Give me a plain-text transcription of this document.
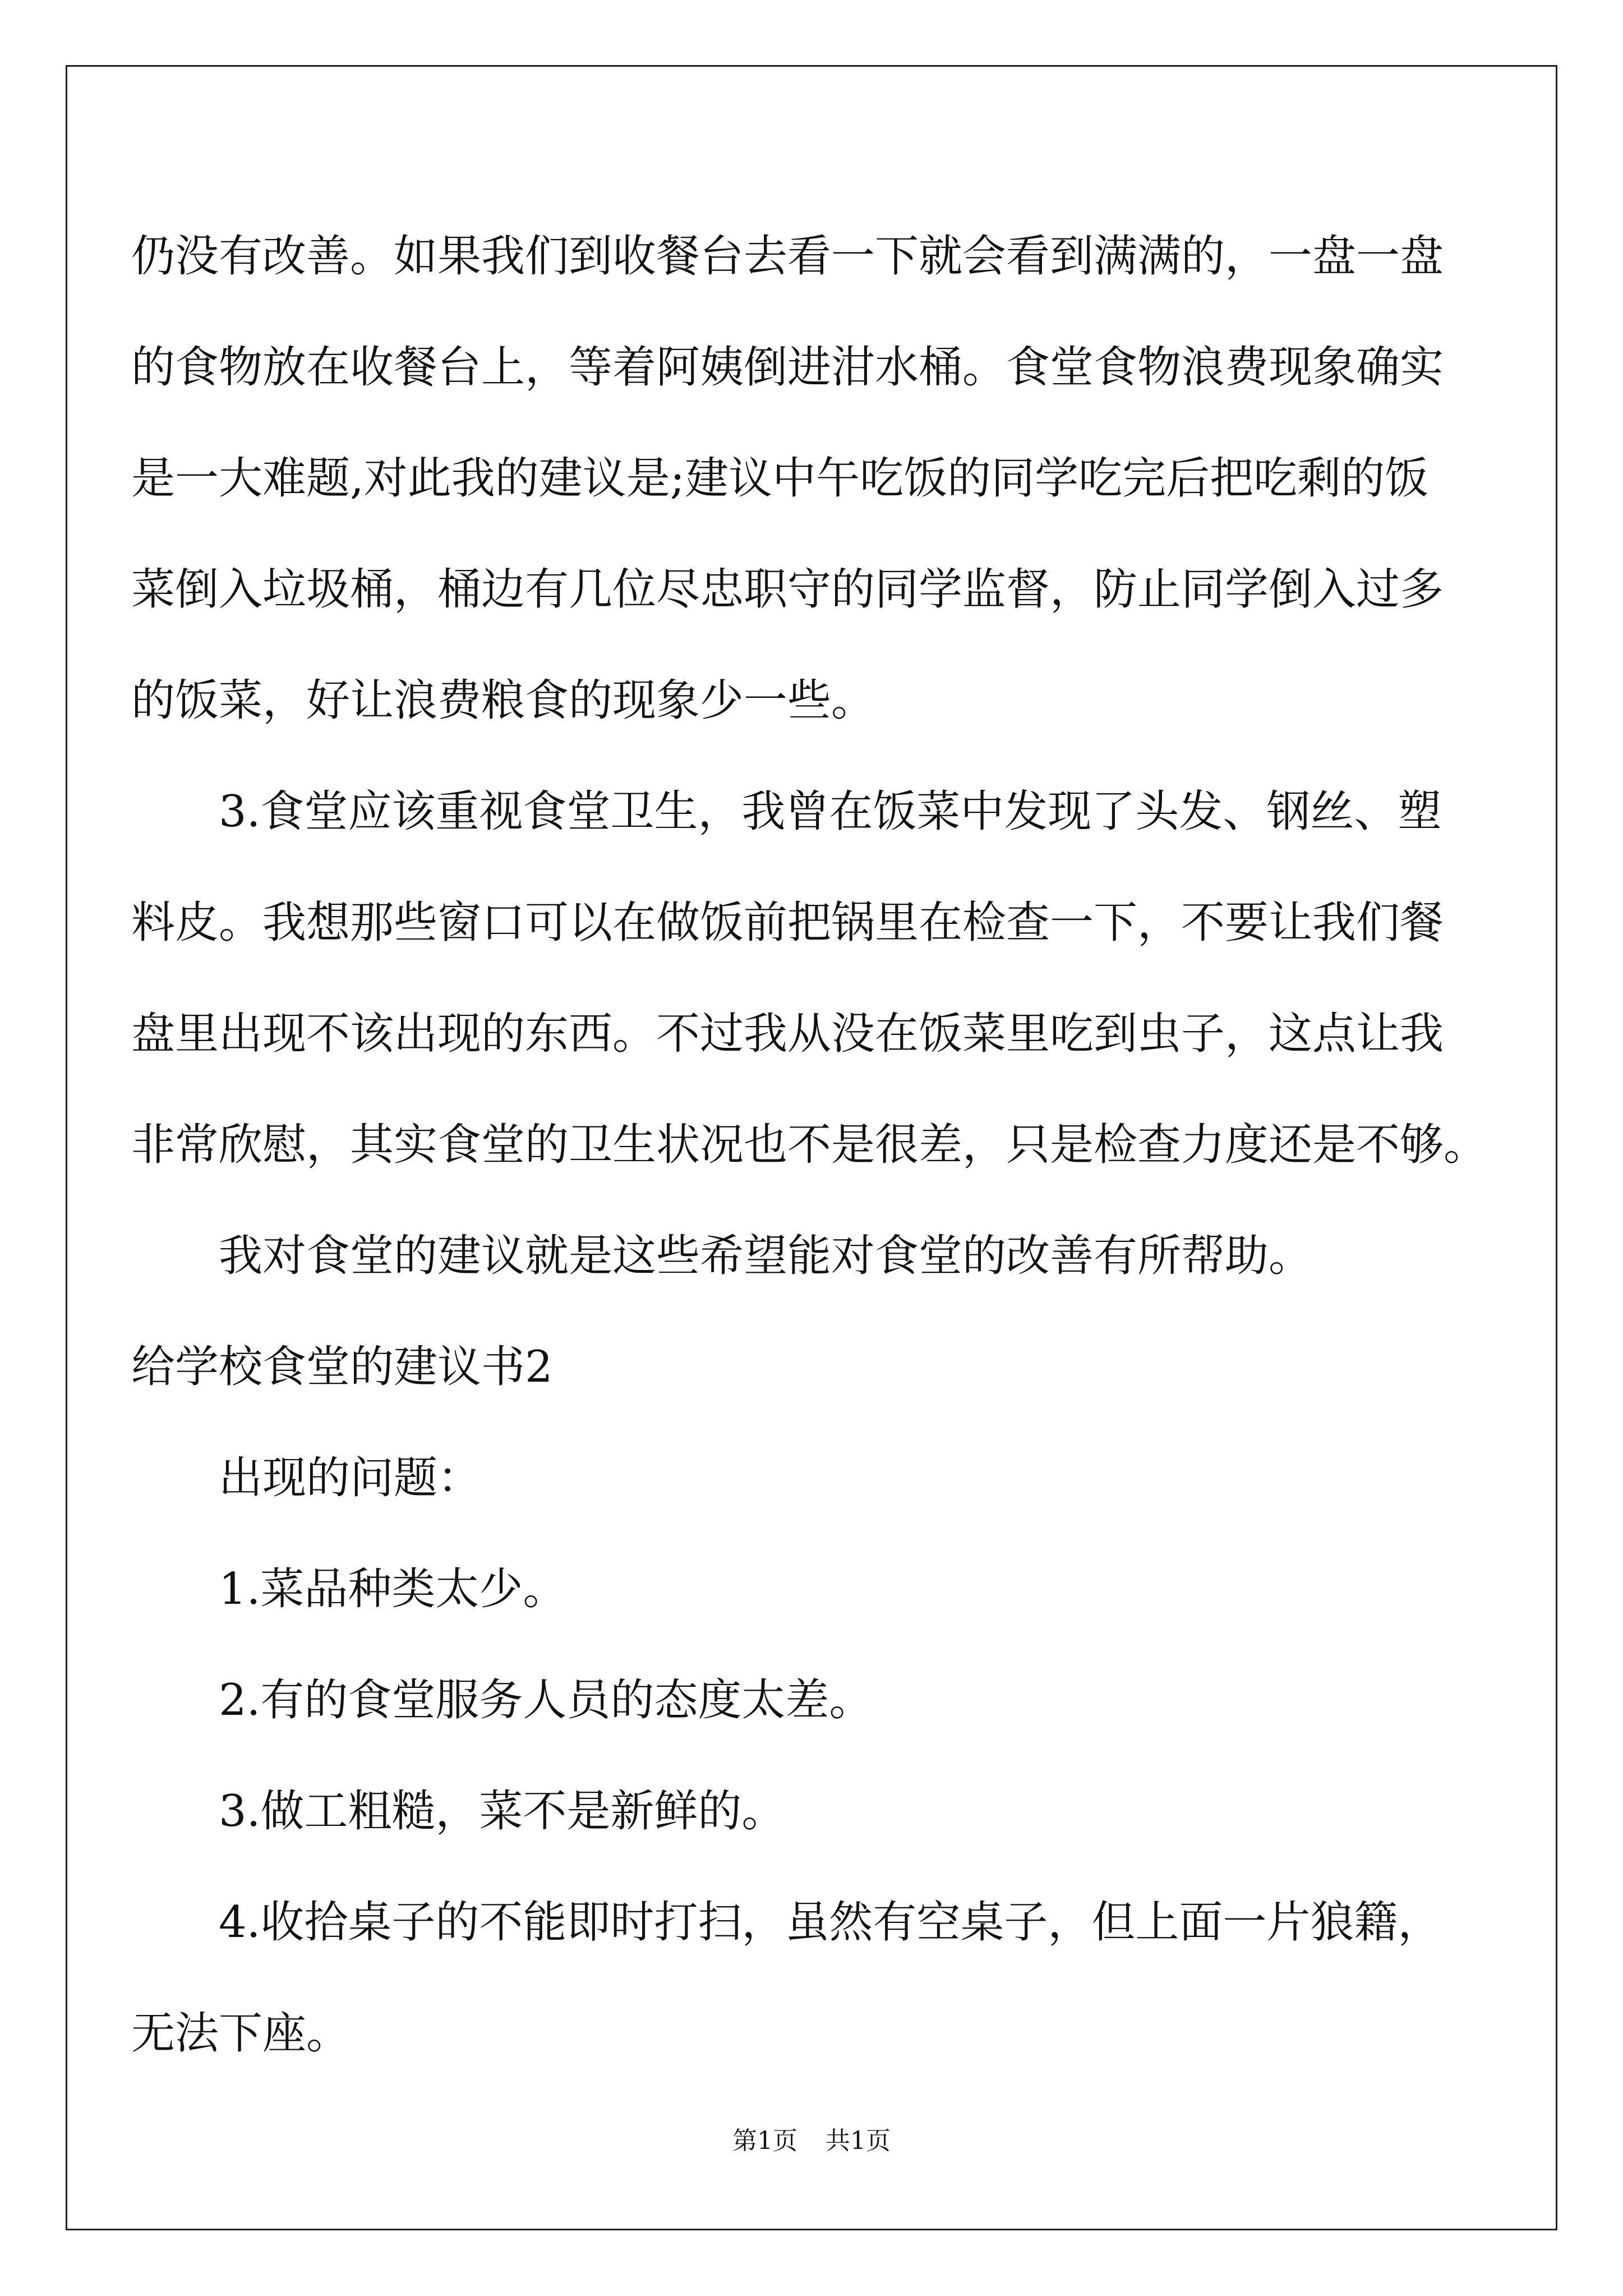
仍没有改善。如果我们到收餐台去看一下就会看到满满的，一盘一盘
的食物放在收餐台上，等着阿姨倒进泔水桶。食堂食物浪费现象确实
是一大难题,对此我的建议是;建议中午吃饭的同学吃完后把吃剩的饭
菜倒入垃圾桶，桶边有几位尽忠职守的同学监督，防止同学倒入过多
的饭菜，好让浪费粮食的现象少一些。
3.食堂应该重视食堂卫生，我曾在饭菜中发现了头发、钢丝、塑
料皮。我想那些窗口可以在做饭前把锅里在检查一下，不要让我们餐
盘里出现不该出现的东西。不过我从没在饭菜里吃到虫子，这点让我
非常欣慰，其实食堂的卫生状况也不是很差，只是检查力度还是不够。
我对食堂的建议就是这些希望能对食堂的改善有所帮助。
给学校食堂的建议书2
出现的问题：
1.菜品种类太少。
2.有的食堂服务人员的态度太差。
3.做工粗糙，菜不是新鲜的。
4.收拾桌子的不能即时打扫，虽然有空桌子，但上面一片狼籍，
无法下座。
第1页 共1页
